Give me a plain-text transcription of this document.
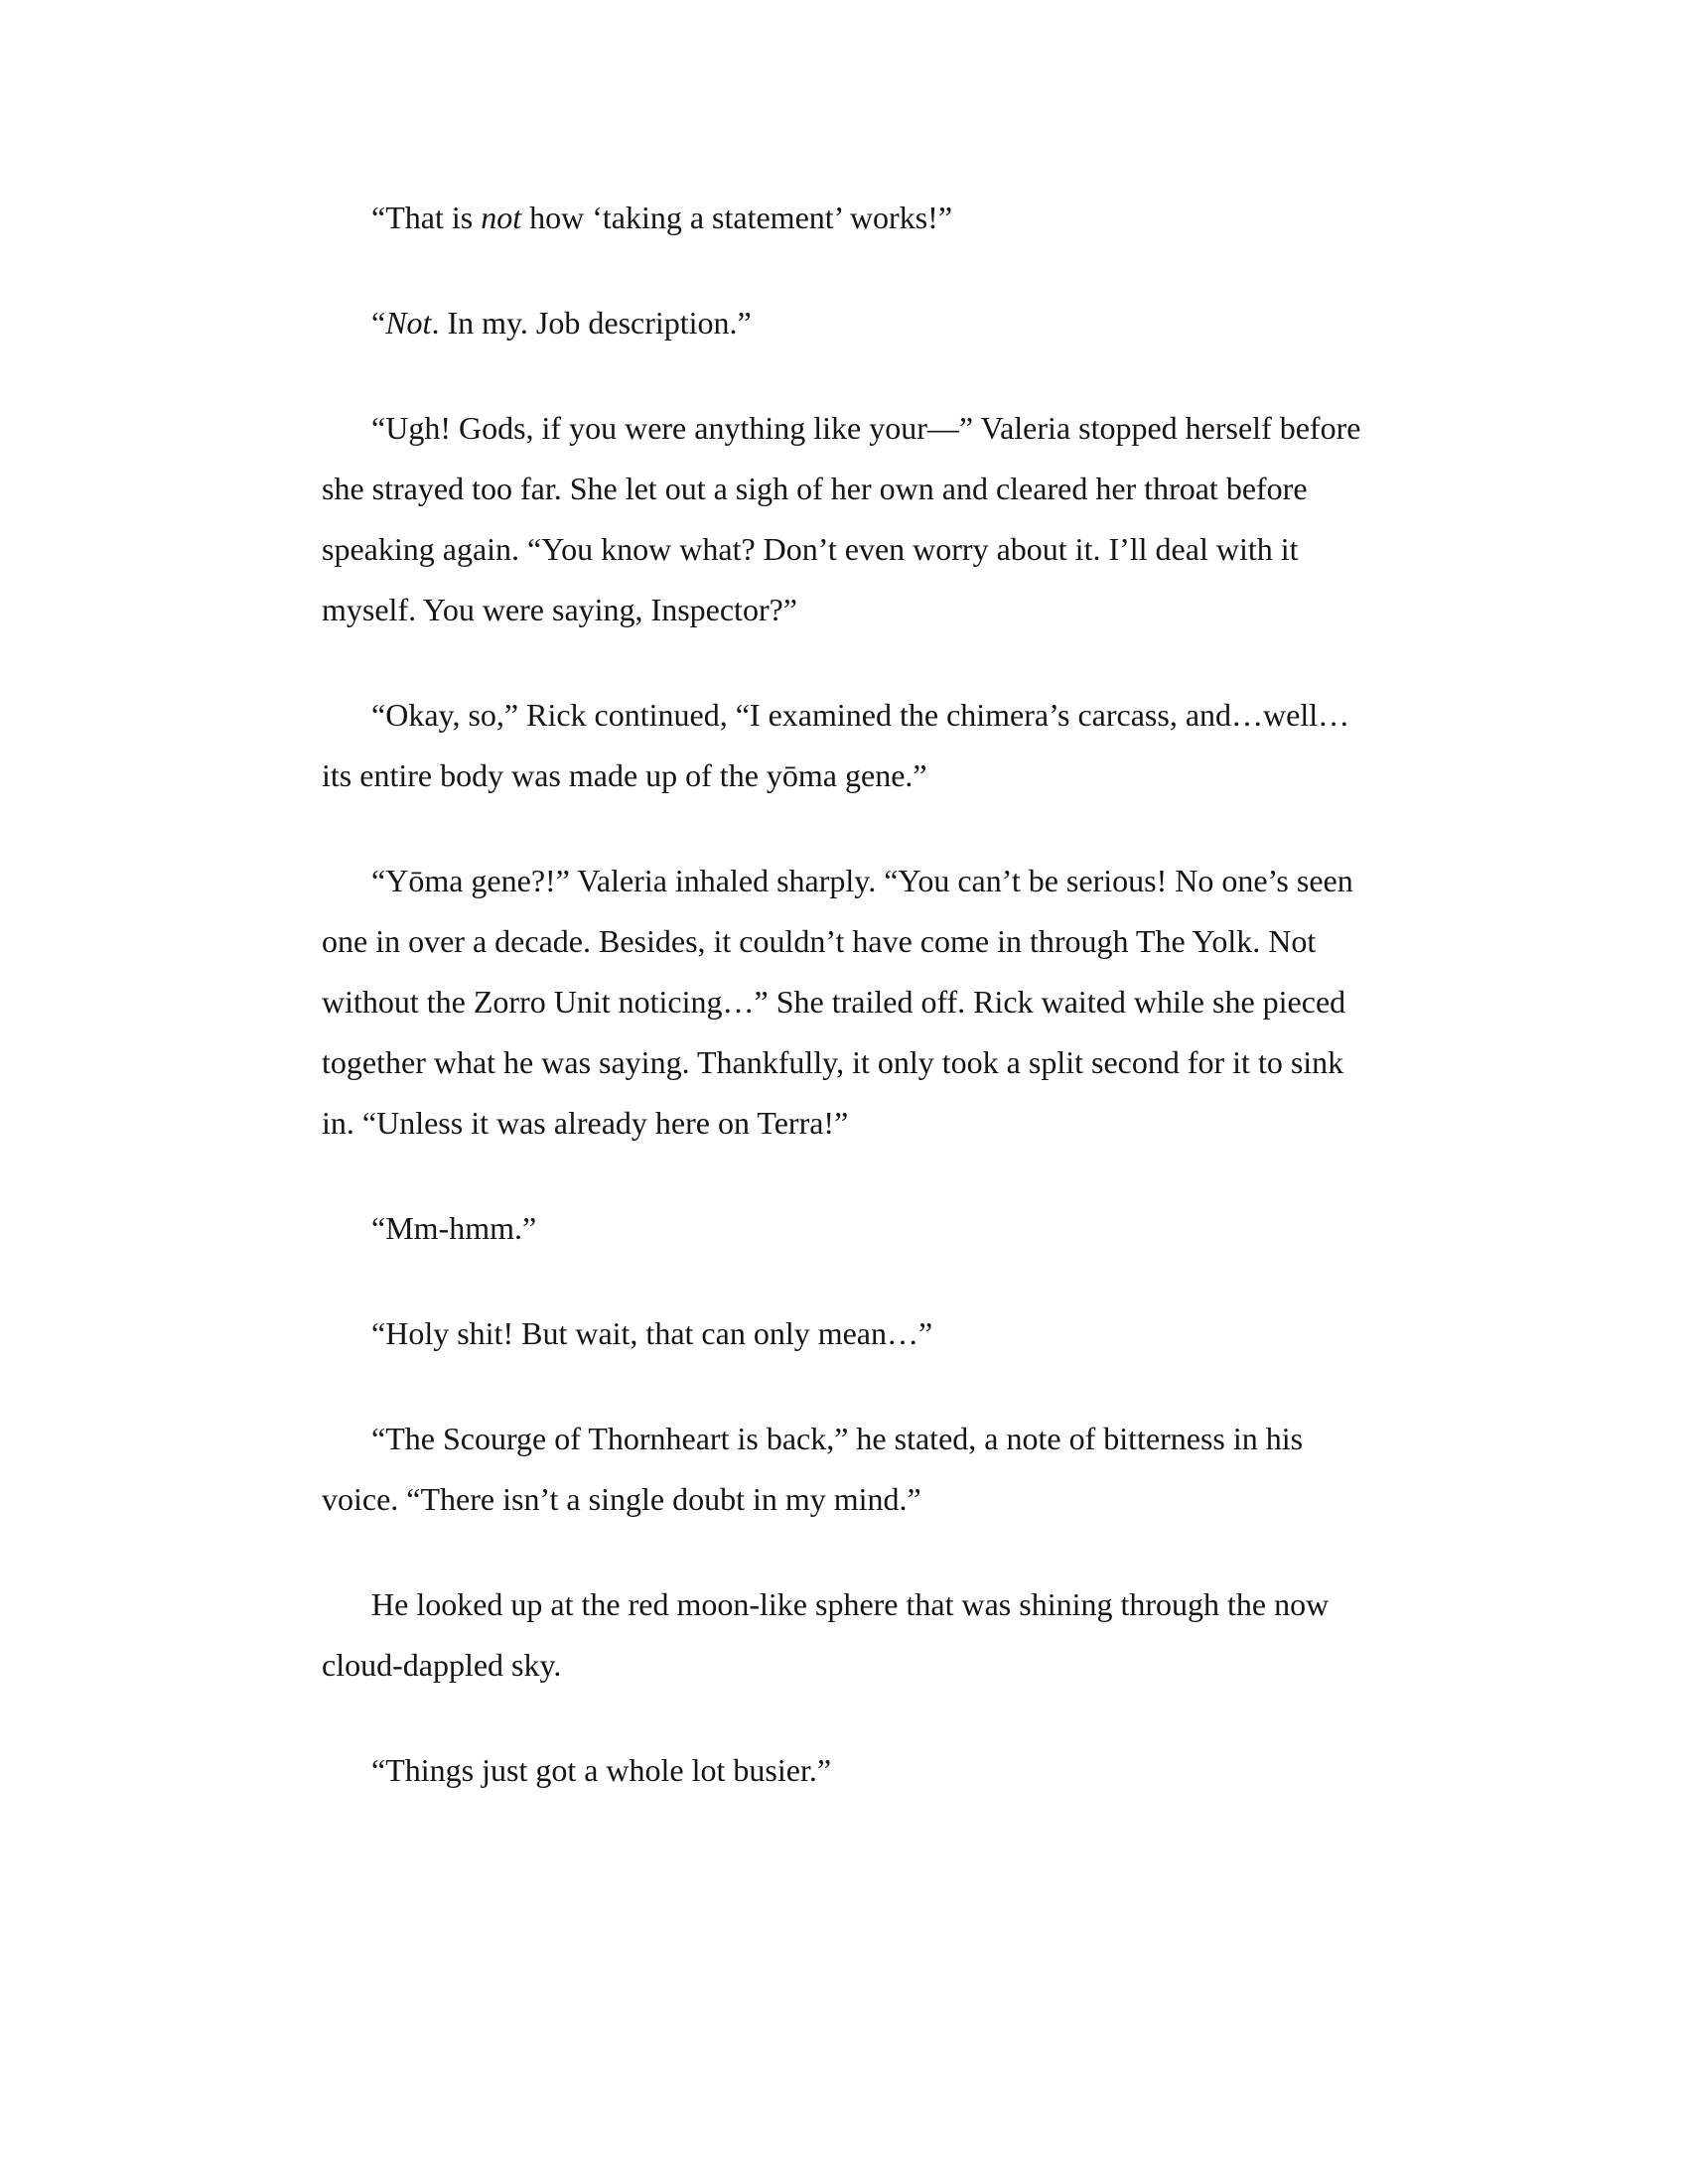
“That is not how ‘taking a statement’ works!”

“Not. In my. Job description.”

“Ugh! Gods, if you were anything like your—” Valeria stopped herself before she strayed too far. She let out a sigh of her own and cleared her throat before speaking again. “You know what? Don’t even worry about it. I’ll deal with it myself. You were saying, Inspector?”

“Okay, so,” Rick continued, “I examined the chimera’s carcass, and…well…its entire body was made up of the yōma gene.”

“Yōma gene?!” Valeria inhaled sharply. “You can’t be serious! No one’s seen one in over a decade. Besides, it couldn’t have come in through The Yolk. Not without the Zorro Unit noticing…” She trailed off. Rick waited while she pieced together what he was saying. Thankfully, it only took a split second for it to sink in. “Unless it was already here on Terra!”

“Mm-hmm.”

“Holy shit! But wait, that can only mean…”

“The Scourge of Thornheart is back,” he stated, a note of bitterness in his voice. “There isn’t a single doubt in my mind.”

He looked up at the red moon-like sphere that was shining through the now cloud-dappled sky.

“Things just got a whole lot busier.”
